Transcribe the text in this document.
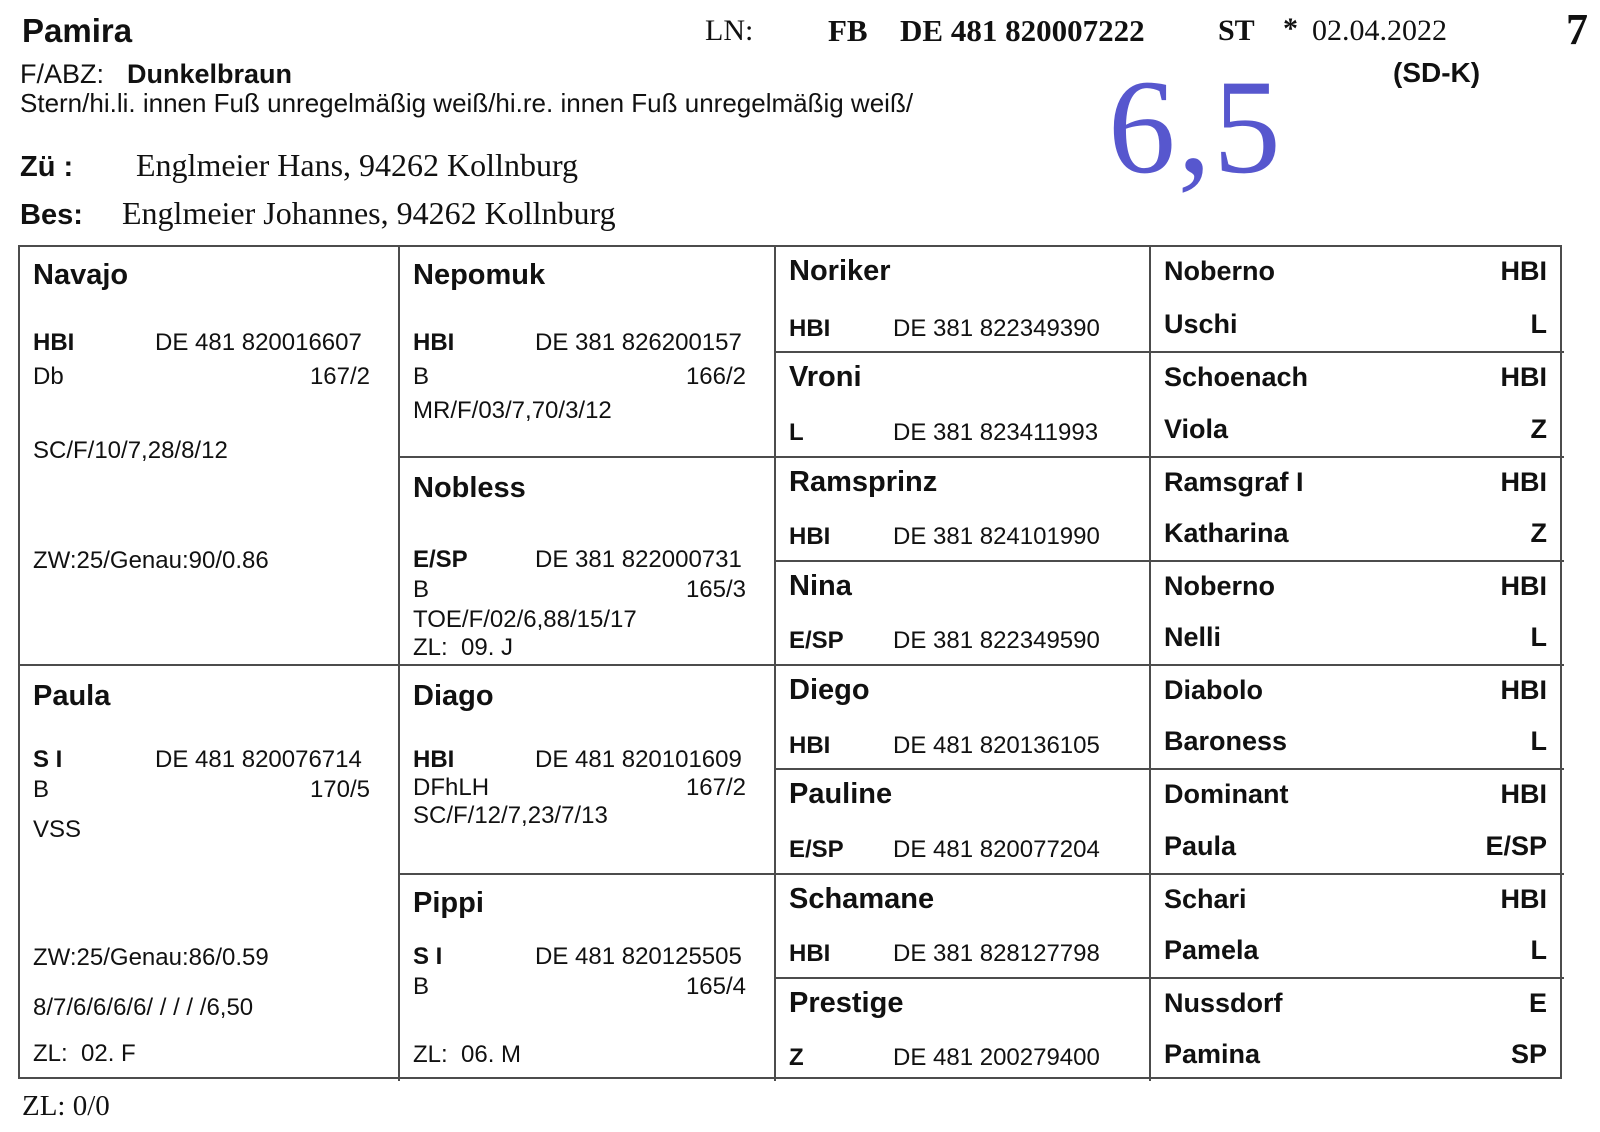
Pamira	LN: FB DE 481 820007222 ST * 02.04.2022	7
F/ABZ: Dunkelbraun	(SD-K)
Stern/hi.li. innen Fuß unregelmäßig weiß/hi.re. innen Fuß unregelmäßig weiß/ 6,5
Zü : Englmeier Hans, 94262 Kollnburg
Bes: Englmeier Johannes, 94262 Kollnburg
Navajo
HBI	DE 481 820016607
Db	167/2
SC/F/10/7,28/8/12
ZW:25/Genau:90/0.86
Paula
S I	DE 481 820076714
B	170/5
VSS
ZW:25/Genau:86/0.59
8/7/6/6/6/6/ / / / /6,50
ZL:  02. F
Nepomuk
HBI	DE 381 826200157
B	166/2
MR/F/03/7,70/3/12
Nobless
E/SP	DE 381 822000731
B	165/3
TOE/F/02/6,88/15/17
ZL:  09. J
Diago
HBI	DE 481 820101609
DFhLH	167/2
SC/F/12/7,23/7/13
Pippi
S I	DE 481 820125505
B	165/4
ZL:  06. M
Noriker
HBI	DE 381 822349390
Vroni
L	DE 381 823411993
Ramsprinz
HBI	DE 381 824101990
Nina
E/SP	DE 381 822349590
Diego
HBI	DE 481 820136105
Pauline
E/SP	DE 481 820077204
Schamane
HBI	DE 381 828127798
Prestige
Z	DE 481 200279400
Noberno	HBI
Uschi	L
Schoenach	HBI
Viola	Z
Ramsgraf I	HBI
Katharina	Z
Noberno	HBI
Nelli	L
Diabolo	HBI
Baroness	L
Dominant	HBI
Paula	E/SP
Schari	HBI
Pamela	L
Nussdorf	E
Pamina	SP
ZL: 0/0
